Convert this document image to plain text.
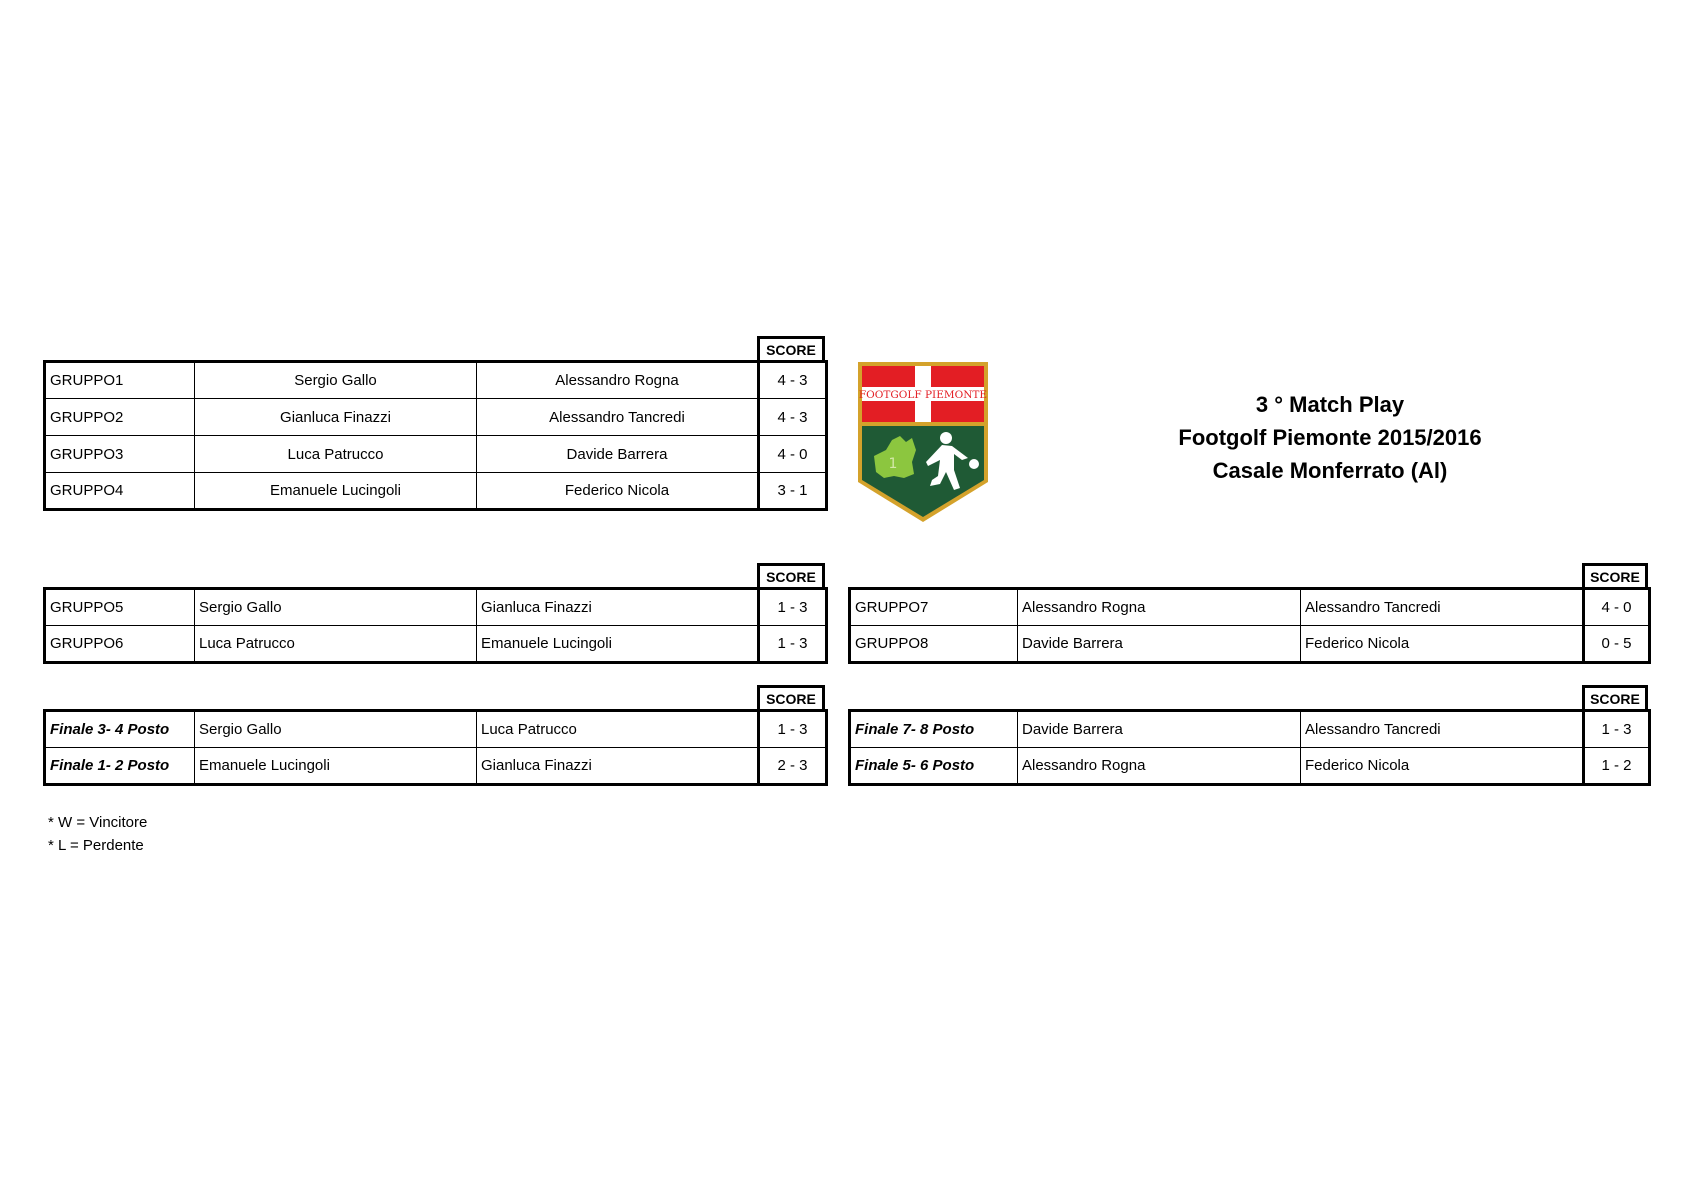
SCORE
GRUPPO1	Sergio Gallo	Alessandro Rogna	4 - 3
GRUPPO2	Gianluca Finazzi	Alessandro Tancredi	4 - 3
GRUPPO3	Luca Patrucco	Davide Barrera	4 - 0
GRUPPO4	Emanuele Lucingoli	Federico Nicola	3 - 1
FOOTGOLF PIEMONTE
1
3 ° Match Play
Footgolf Piemonte 2015/2016
Casale Monferrato (Al)
SCORE
GRUPPO5	Sergio Gallo	Gianluca Finazzi	1 - 3
GRUPPO6	Luca Patrucco	Emanuele Lucingoli	1 - 3
SCORE
GRUPPO7	Alessandro Rogna	Alessandro Tancredi	4 - 0
GRUPPO8	Davide Barrera	Federico Nicola	0 - 5
SCORE
Finale 3- 4 Posto	Sergio Gallo	Luca Patrucco	1 - 3
Finale 1- 2 Posto	Emanuele Lucingoli	Gianluca Finazzi	2 - 3
SCORE
Finale 7- 8 Posto	Davide Barrera	Alessandro Tancredi	1 - 3
Finale 5- 6 Posto	Alessandro Rogna	Federico Nicola	1 - 2
* W = Vincitore
* L = Perdente
